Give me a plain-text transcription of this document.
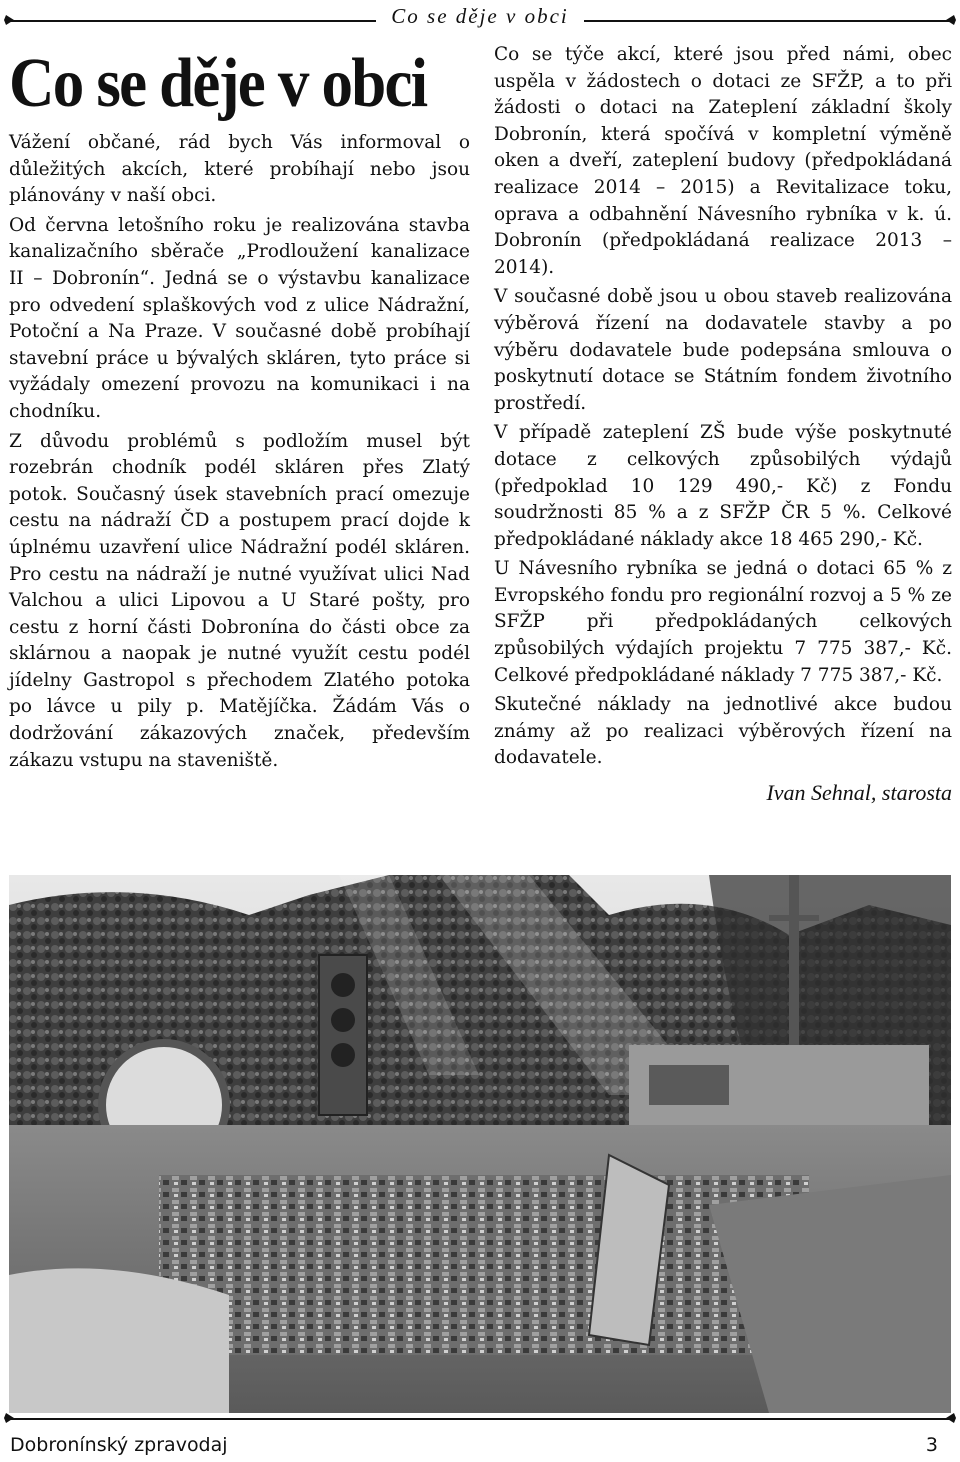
Co se děje v obci
Co se děje v obci

Vážení občané, rád bych Vás informoval o důležitých akcích, které probíhají nebo jsou plánovány v naší obci.

Od června letošního roku je realizována stavba kanalizačního sběrače „Prodloužení kanalizace II – Dobronín“. Jedná se o výstavbu kanalizace pro odvedení splaškových vod z ulice Nádražní, Potoční a Na Praze. V současné době probíhají stavební práce u bývalých skláren, tyto práce si vyžádaly omezení provozu na komunikaci i na chodníku.

Z důvodu problémů s podložím musel být rozebrán chodník podél skláren přes Zlatý potok. Současný úsek stavebních prací omezuje cestu na nádraží ČD a postupem prací dojde k úplnému uzavření ulice Nádražní podél skláren. Pro cestu na nádraží je nutné využívat ulici Nad Valchou a ulici Lipovou a U Staré pošty, pro cestu z horní části Dobronína do části obce za sklárnou a naopak je nutné využít cestu podél jídelny Gastropol s přechodem Zlatého potoka po lávce u pily p. Matějíčka. Žádám Vás o dodržování zákazových značek, především zákazu vstupu na staveniště.

Co se týče akcí, které jsou před námi, obec uspěla v žádostech o dotaci ze SFŽP, a to při žádosti o dotaci na Zateplení základní školy Dobronín, která spočívá v kompletní výměně oken a dveří, zateplení budovy (předpokládaná realizace 2014 – 2015) a Revitalizace toku, oprava a odbahnění Návesního rybníka v k. ú. Dobronín (předpokládaná realizace 2013 – 2014).

V současné době jsou u obou staveb realizována výběrová řízení na dodavatele stavby a po výběru dodavatele bude podepsána smlouva o poskytnutí dotace se Státním fondem životního prostředí.

V případě zateplení ZŠ bude výše poskytnuté dotace z celkových způsobilých výdajů (předpoklad 10 129 490,- Kč) z Fondu soudržnosti 85 % a z SFŽP ČR 5 %. Celkové předpokládané náklady akce 18 465 290,- Kč.

U Návesního rybníka se jedná o dotaci 65 % z Evropského fondu pro regionální rozvoj a 5 % ze SFŽP při předpokládaných celkových způsobilých výdajích projektu 7 775 387,- Kč. Celkové předpokládané náklady 7 775 387,- Kč.

Skutečné náklady na jednotlivé akce budou známy až po realizaci výběrových řízení na dodavatele.

Ivan Sehnal, starosta

Dobronínský zpravodaj	3
